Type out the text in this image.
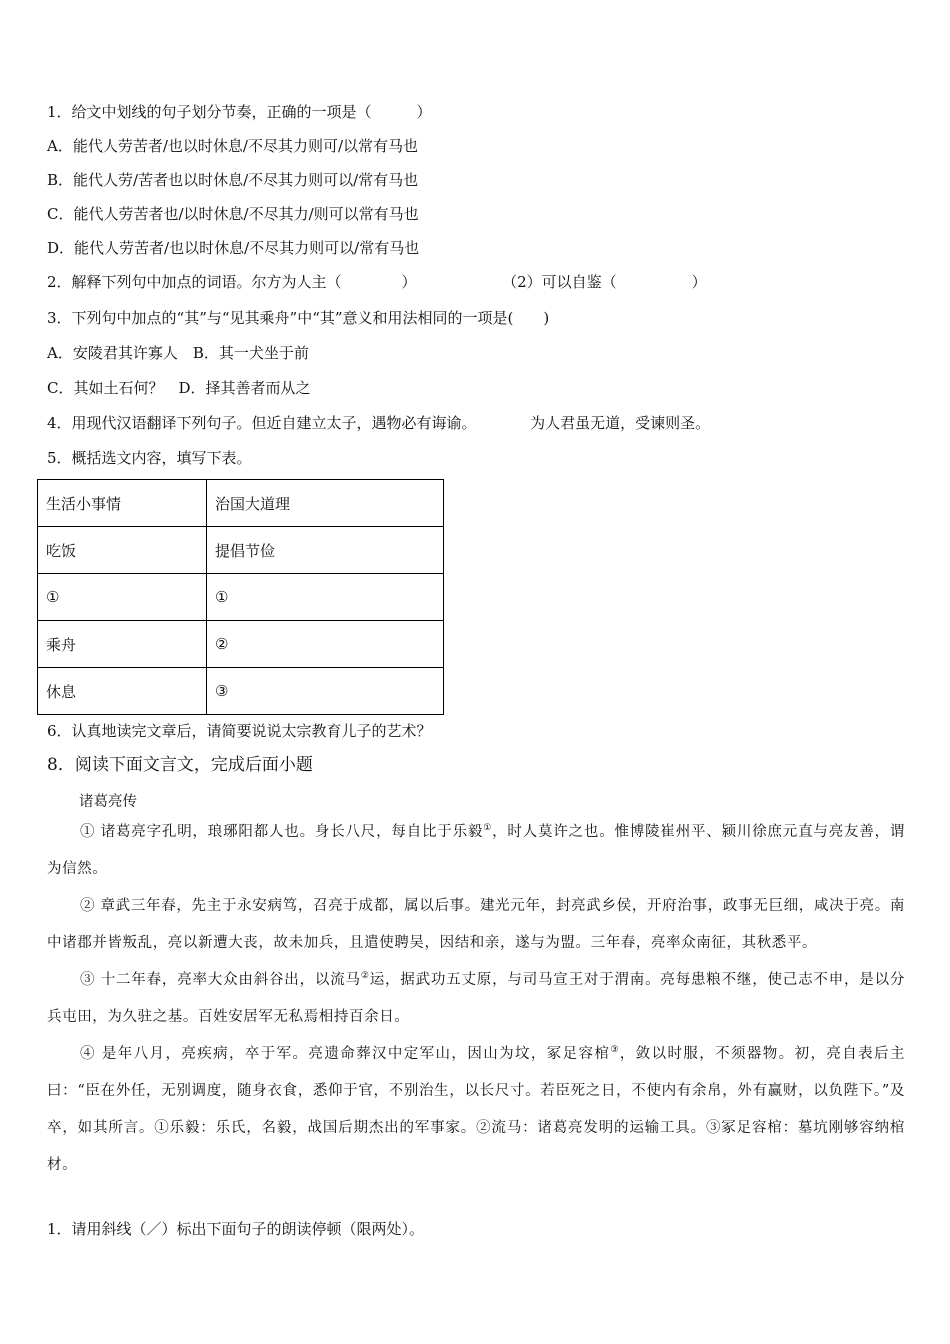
1．给文中划线的句子划分节奏，正确的一项是（　　　）
A．能代人劳苦者/也以时休息/不尽其力则可/以常有马也
B．能代人劳/苦者也以时休息/不尽其力则可以/常有马也
C．能代人劳苦者也/以时休息/不尽其力/则可以常有马也
D．能代人劳苦者/也以时休息/不尽其力则可以/常有马也
2．解释下列句中加点的词语。尔方为人主（　　　　）	（2）可以自鉴（　　　　　）
3．下列句中加点的“其”与“见其乘舟”中“其”意义和用法相同的一项是(　　)
A．安陵君其许寡人　B．其一犬坐于前
C．其如土石何？　D．择其善者而从之
4．用现代汉语翻译下列句子。但近自建立太子，遇物必有诲谕。	为人君虽无道，受谏则圣。
5．概括选文内容，填写下表。
生活小事情	治国大道理
吃饭	提倡节俭
①	①
乘舟	②
休息	③
6．认真地读完文章后，请简要说说太宗教育儿子的艺术？
8．阅读下面文言文，完成后面小题
诸葛亮传

① 诸葛亮字孔明，琅琊阳都人也。身长八尺，每自比于乐毅①，时人莫许之也。惟博陵崔州平、颍川徐庶元直与亮友善，谓为信然。

② 章武三年春，先主于永安病笃，召亮于成都，属以后事。建光元年，封亮武乡侯，开府治事，政事无巨细，咸决于亮。南中诸郡并皆叛乱，亮以新遭大丧，故未加兵，且遣使聘吴，因结和亲，遂与为盟。三年春，亮率众南征，其秋悉平。

③ 十二年春，亮率大众由斜谷出，以流马②运，据武功五丈原，与司马宣王对于渭南。亮每患粮不继，使己志不申，是以分兵屯田，为久驻之基。百姓安居军无私焉相持百余日。

④ 是年八月，亮疾病，卒于军。亮遗命葬汉中定军山，因山为坟，冢足容棺③，敛以时服，不须器物。初，亮自表后主曰：“臣在外任，无别调度，随身衣食，悉仰于官，不别治生，以长尺寸。若臣死之日，不使内有余帛，外有赢财，以负陛下。”及卒，如其所言。①乐毅：乐氏，名毅，战国后期杰出的军事家。②流马：诸葛亮发明的运输工具。③冢足容棺：墓坑刚够容纳棺材。

1．请用斜线（／）标出下面句子的朗读停顿（限两处）。
